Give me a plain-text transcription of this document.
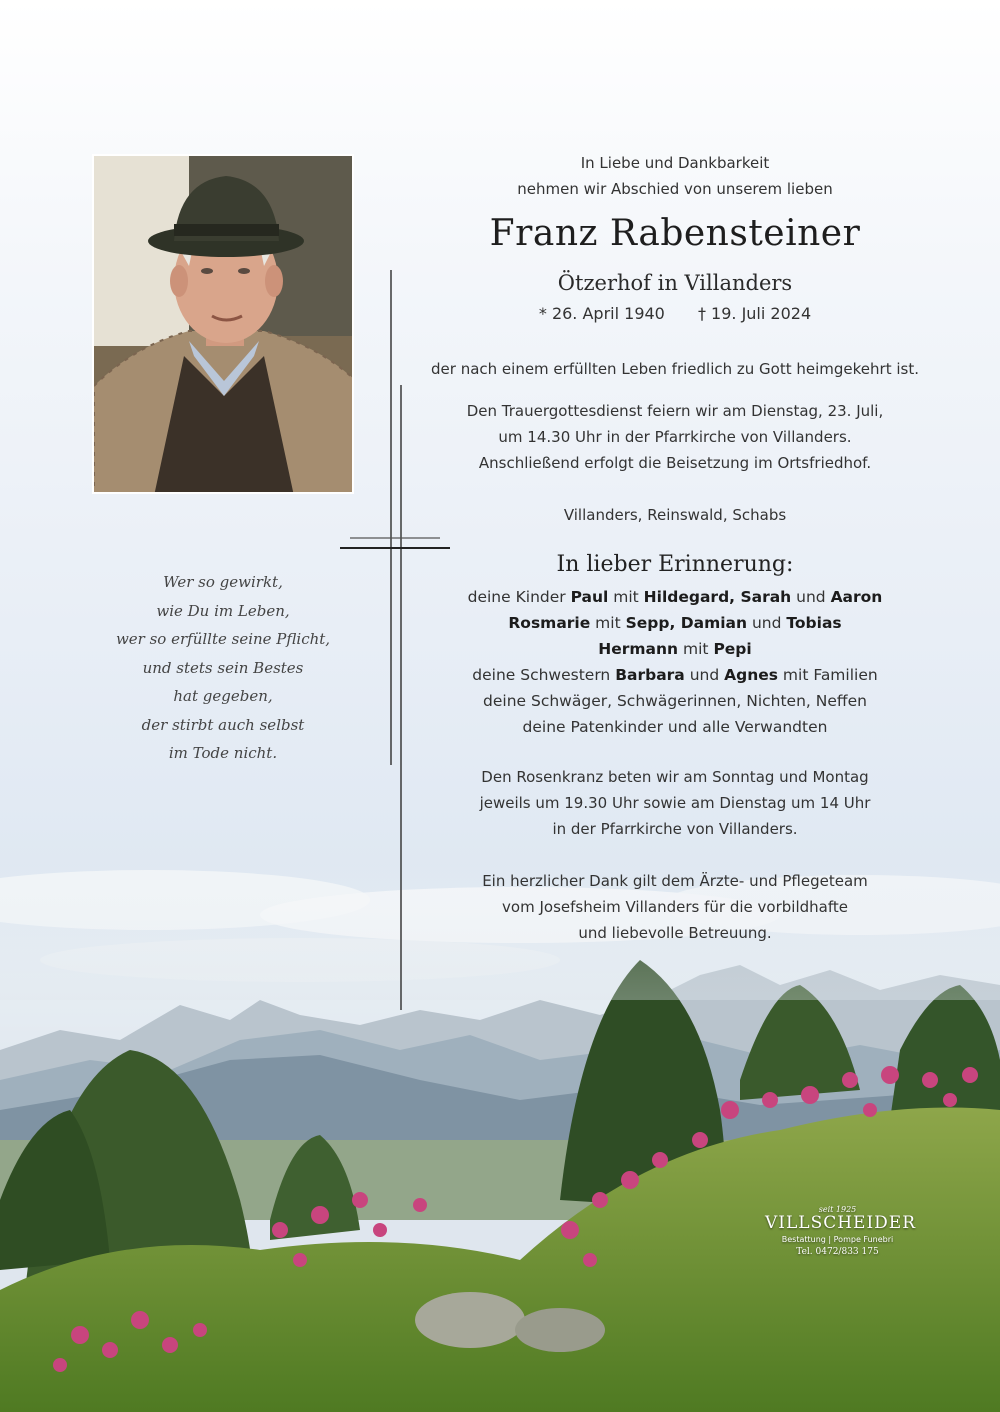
Wer so gewirkt,
wie Du im Leben,
wer so erfüllte seine Pflicht,
und stets sein Bestes
hat gegeben,
der stirbt auch selbst
im Tode nicht.
In Liebe und Dankbarkeit
nehmen wir Abschied von unserem lieben
Franz Rabensteiner
Ötzerhof in Villanders
* 26. April 1940 † 19. Juli 2024
der nach einem erfüllten Leben friedlich zu Gott heimgekehrt ist.
Den Trauergottesdienst feiern wir am Dienstag, 23. Juli,
um 14.30 Uhr in der Pfarrkirche von Villanders.
Anschließend erfolgt die Beisetzung im Ortsfriedhof.
Villanders, Reinswald, Schabs
In lieber Erinnerung:
deine Kinder Paul mit Hildegard, Sarah und Aaron
Rosmarie mit Sepp, Damian und Tobias
Hermann mit Pepi
deine Schwestern Barbara und Agnes mit Familien
deine Schwäger, Schwägerinnen, Nichten, Neffen
deine Patenkinder und alle Verwandten
Den Rosenkranz beten wir am Sonntag und Montag
jeweils um 19.30 Uhr sowie am Dienstag um 14 Uhr
in der Pfarrkirche von Villanders.
Ein herzlicher Dank gilt dem Ärzte- und Pflegeteam
vom Josefsheim Villanders für die vorbildhafte
und liebevolle Betreuung.
seit 1925
VILLSCHEIDER
Bestattung | Pompe Funebri
Tel. 0472/833 175
